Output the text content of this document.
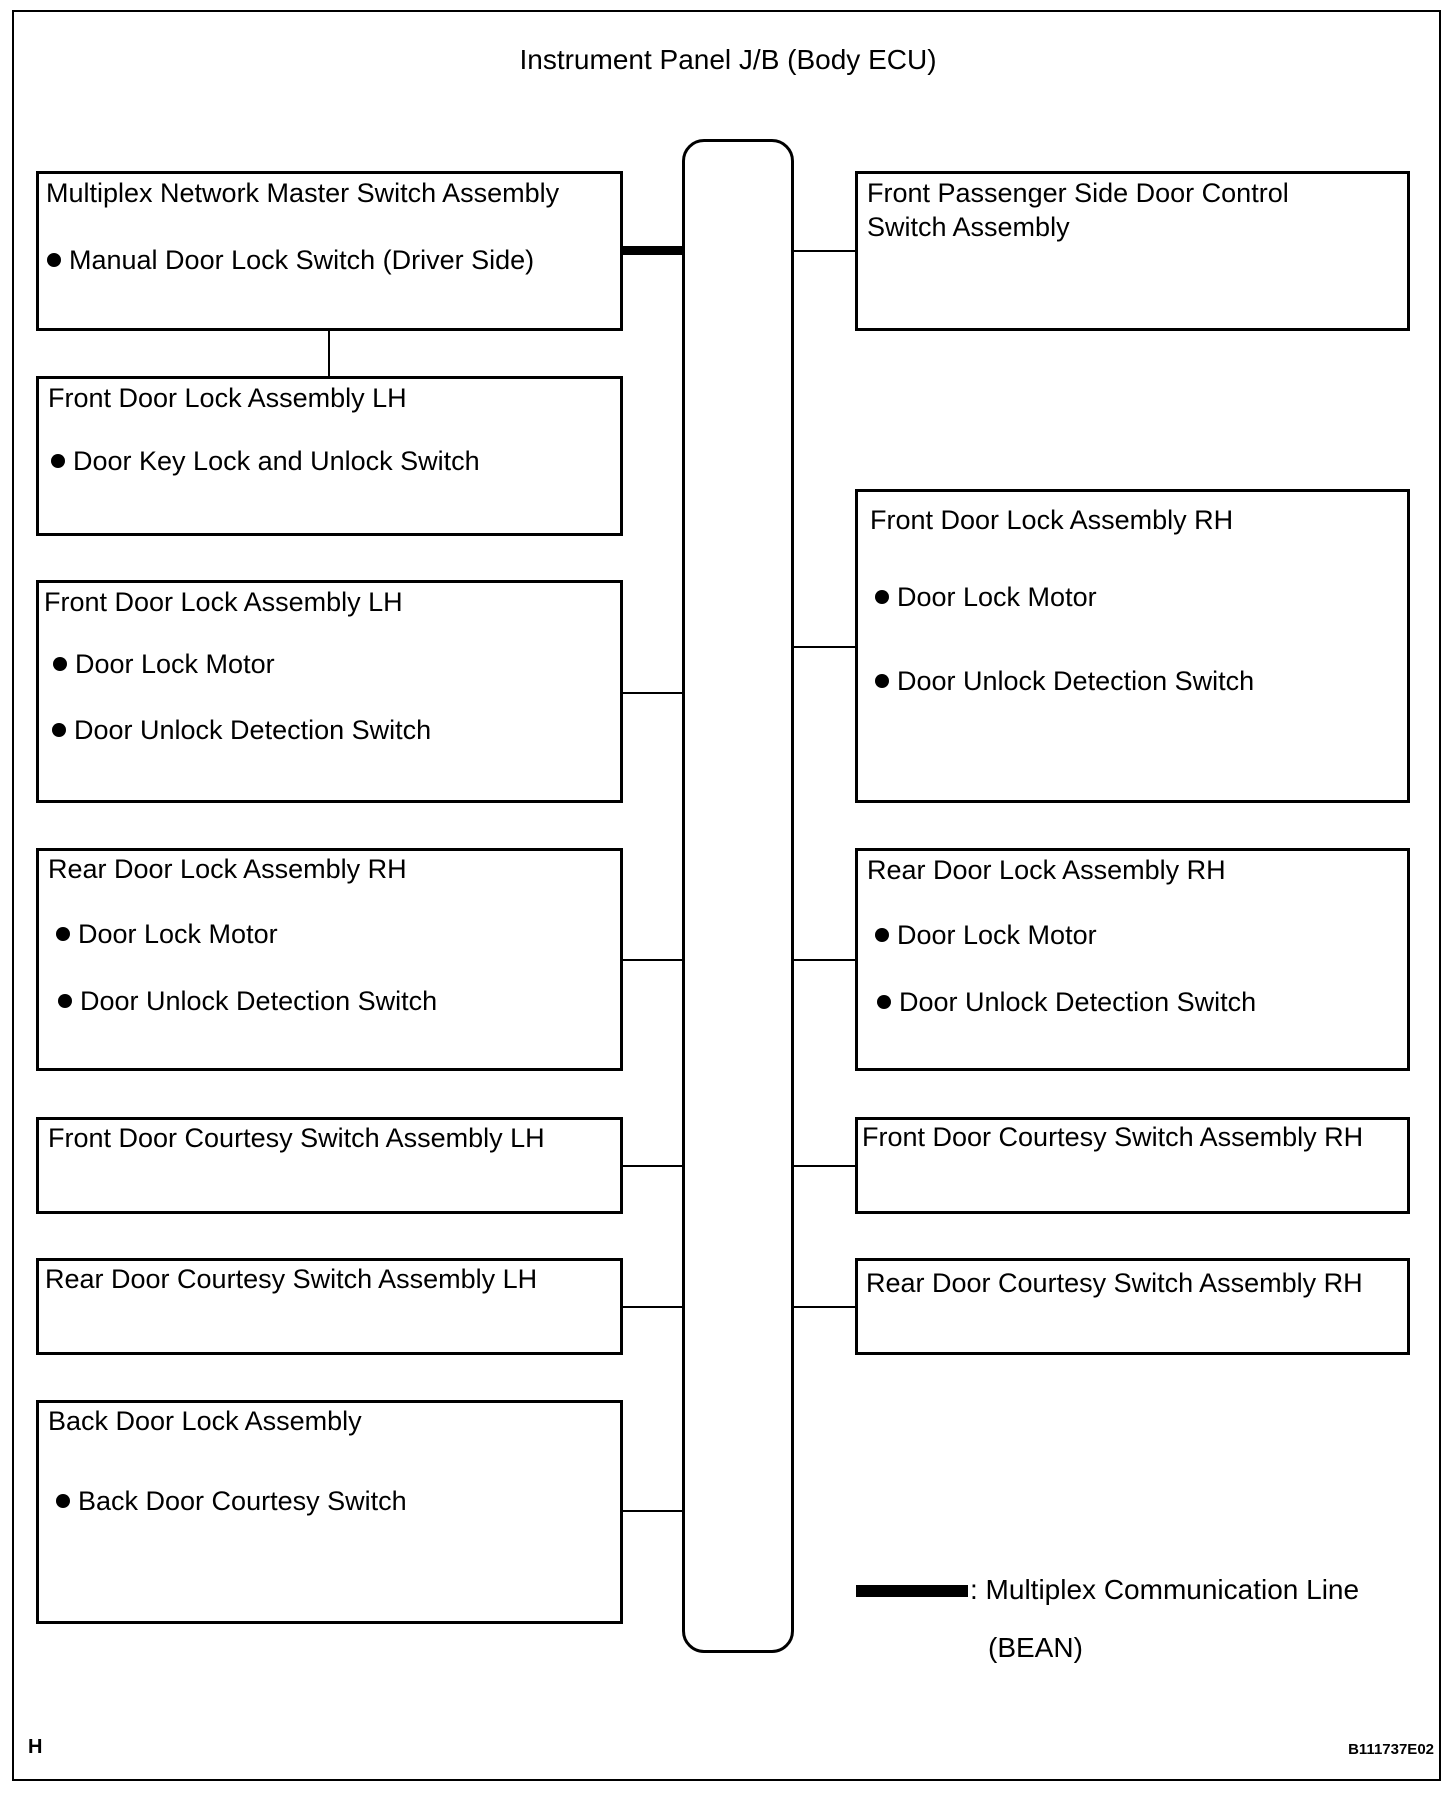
Instrument Panel J/B (Body ECU)
Multiplex Network Master Switch Assembly
Manual Door Lock Switch (Driver Side)
Front Door Lock Assembly LH
Door Key Lock and Unlock Switch
Front Door Lock Assembly LH
Door Lock Motor
Door Unlock Detection Switch
Rear Door Lock Assembly RH
Door Lock Motor
Door Unlock Detection Switch
Front Door Courtesy Switch Assembly LH
Rear Door Courtesy Switch Assembly LH
Back Door Lock Assembly
Back Door Courtesy Switch
Front Passenger Side Door Control
Switch Assembly
Front Door Lock Assembly RH
Door Lock Motor
Door Unlock Detection Switch
Rear Door Lock Assembly RH
Door Lock Motor
Door Unlock Detection Switch
Front Door Courtesy Switch Assembly RH
Rear Door Courtesy Switch Assembly RH
: Multiplex Communication Line
(BEAN)
H	B111737E02
